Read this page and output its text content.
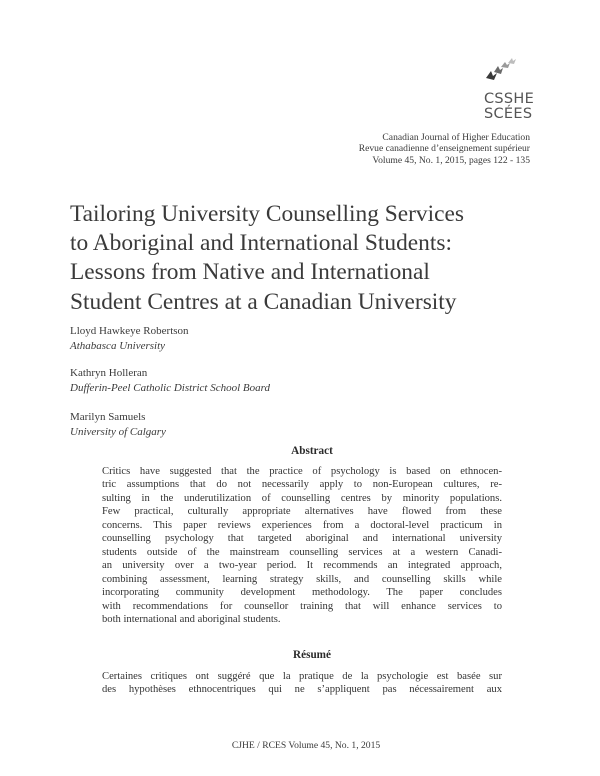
CSSHE
SCÉES
Canadian Journal of Higher Education
Revue canadienne d’enseignement supérieur
Volume 45, No. 1, 2015, pages 122 - 135
Tailoring University Counselling Services
to Aboriginal and International Students:
Lessons from Native and International
Student Centres at a Canadian University
Lloyd Hawkeye Robertson
Athabasca University
Kathryn Holleran
Dufferin-Peel Catholic District School Board
Marilyn Samuels
University of Calgary
Abstract
Critics have suggested that the practice of psychology is based on ethnocen-
tric assumptions that do not necessarily apply to non-European cultures, re-
sulting in the underutilization of counselling centres by minority populations.
Few practical, culturally appropriate alternatives have flowed from these
concerns. This paper reviews experiences from a doctoral-level practicum in
counselling psychology that targeted aboriginal and international university
students outside of the mainstream counselling services at a western Canadi-
an university over a two-year period. It recommends an integrated approach,
combining assessment, learning strategy skills, and counselling skills while
incorporating community development methodology. The paper concludes
with recommendations for counsellor training that will enhance services to
both international and aboriginal students.
Résumé
Certaines critiques ont suggéré que la pratique de la psychologie est basée sur
des hypothèses ethnocentriques qui ne s’appliquent pas nécessairement aux
CJHE / RCES Volume 45, No. 1, 2015
